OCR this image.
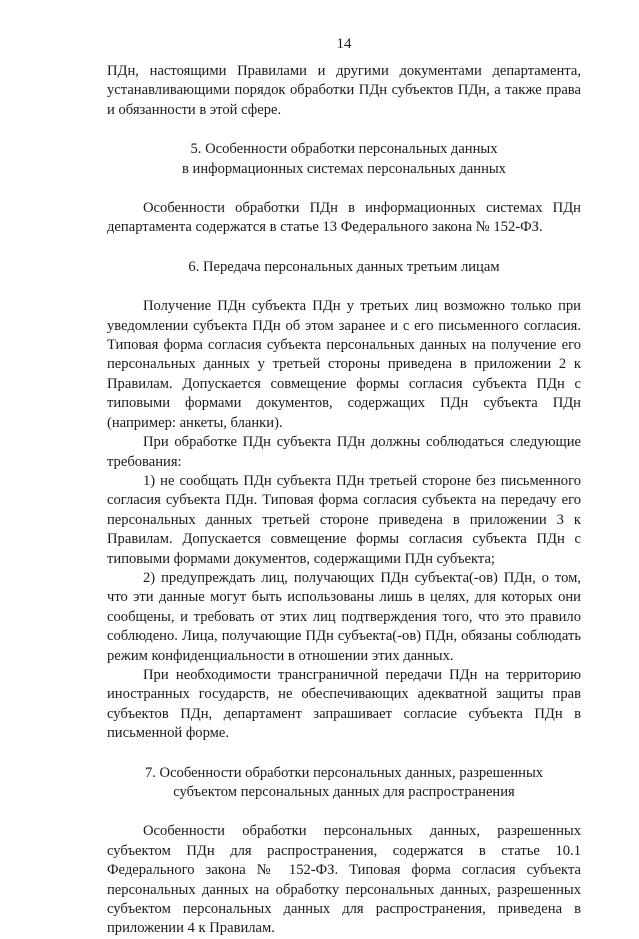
14

ПДн, настоящими Правилами и другими документами департамента, устанавливающими порядок обработки ПДн субъектов ПДн, а также права и обязанности в этой сфере.

5. Особенности обработки персональных данных
в информационных системах персональных данных

Особенности обработки ПДн в информационных системах ПДн департамента содержатся в статье 13 Федерального закона № 152-ФЗ.

6. Передача персональных данных третьим лицам

Получение ПДн субъекта ПДн у третьих лиц возможно только при уведомлении субъекта ПДн об этом заранее и с его письменного согласия. Типовая форма согласия субъекта персональных данных на получение его персональных данных у третьей стороны приведена в приложении 2 к Правилам. Допускается совмещение формы согласия субъекта ПДн с типовыми формами документов, содержащих ПДн субъекта ПДн (например: анкеты, бланки).

При обработке ПДн субъекта ПДн должны соблюдаться следующие требования:

1) не сообщать ПДн субъекта ПДн третьей стороне без письменного согласия субъекта ПДн. Типовая форма согласия субъекта на передачу его персональных данных третьей стороне приведена в приложении 3 к Правилам. Допускается совмещение формы согласия субъекта ПДн с типовыми формами документов, содержащими ПДн субъекта;

2) предупреждать лиц, получающих ПДн субъекта(-ов) ПДн, о том, что эти данные могут быть использованы лишь в целях, для которых они сообщены, и требовать от этих лиц подтверждения того, что это правило соблюдено. Лица, получающие ПДн субъекта(-ов) ПДн, обязаны соблюдать режим конфиденциальности в отношении этих данных.

При необходимости трансграничной передачи ПДн на территорию иностранных государств, не обеспечивающих адекватной защиты прав субъектов ПДн, департамент запрашивает согласие субъекта ПДн в письменной форме.

7. Особенности обработки персональных данных, разрешенных
субъектом персональных данных для распространения

Особенности обработки персональных данных, разрешенных субъектом ПДн для распространения, содержатся в статье 10.1 Федерального закона № 152-ФЗ. Типовая форма согласия субъекта персональных данных на обработку персональных данных, разрешенных субъектом персональных данных для распространения, приведена в приложении 4 к Правилам.
